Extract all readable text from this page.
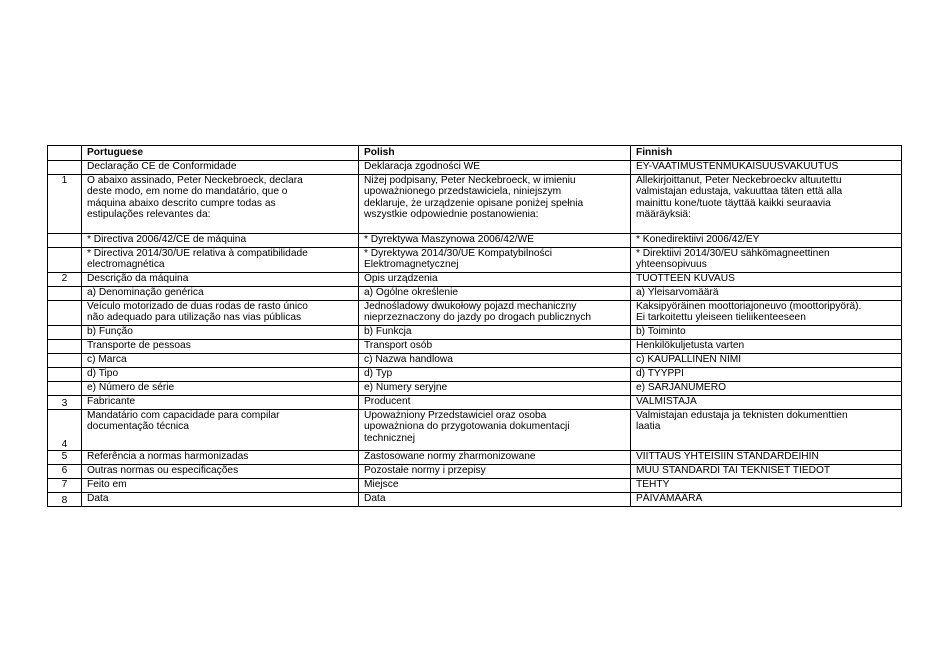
	Portuguese	Polish	Finnish

	Declaração CE de Conformidade	Deklaracja zgodności WE	EY-VAATIMUSTENMUKAISUUSVAKUUTUS

1	O abaixo assinado, Peter Neckebroeck, declara
deste modo, em nome do mandatário, que o
máquina abaixo descrito cumpre todas as
estipulações relevantes da:	Niżej podpisany, Peter Neckebroeck, w imieniu
upoważnionego przedstawiciela, niniejszym
deklaruje, że urządzenie opisane poniżej spełnia
wszystkie odpowiednie postanowienia:	Allekirjoittanut, Peter Neckebroeckv altuutettu
valmistajan edustaja, vakuuttaa täten että alla
mainittu kone/tuote täyttää kaikki seuraavia
määräyksiä:

	* Directiva 2006/42/CE de máquina	* Dyrektywa Maszynowa 2006/42/WE	* Konedirektiivi 2006/42/EY

	* Directiva 2014/30/UE relativa à compatibilidade
electromagnética	* Dyrektywa 2014/30/UE Kompatybilności
Elektromagnetycznej	* Direktiivi 2014/30/EU sähkömagneettinen
yhteensopivuus

2	Descrição da máquina	Opis urządzenia	TUOTTEEN KUVAUS

	a) Denominação genérica	a) Ogólne określenie	a) Yleisarvomäärä

	Veículo motorizado de duas rodas de rasto único
não adequado para utilização nas vias públicas	Jednośladowy dwukołowy pojazd mechaniczny
nieprzeznaczony do jazdy po drogach publicznych	Kaksipyöräinen moottoriajoneuvo (moottoripyörä).
Ei tarkoitettu yleiseen tieliikenteeseen

	b) Função	b) Funkcja	b) Toiminto

	Transporte de pessoas	Transport osób	Henkilökuljetusta varten

	c) Marca	c) Nazwa handlowa	c) KAUPALLINEN NIMI

	d) Tipo	d) Typ	d) TYYPPI

	e) Número de série	e) Numery seryjne	e) SARJANUMERO

3	Fabricante	Producent	VALMISTAJA

4	Mandatário com capacidade para compilar
documentação técnica	Upoważniony Przedstawiciel oraz osoba
upoważniona do przygotowania dokumentacji
technicznej	Valmistajan edustaja ja teknisten dokumenttien
laatia

5	Referência a normas harmonizadas	Zastosowane normy zharmonizowane	VIITTAUS YHTEISIIN STANDARDEIHIN

6	Outras normas ou especificações	Pozostałe normy i przepisy	MUU STANDARDI TAI TEKNISET TIEDOT

7	Feito em	Miejsce	TEHTY

8	Data	Data	PÄIVÄMÄÄRÄ
